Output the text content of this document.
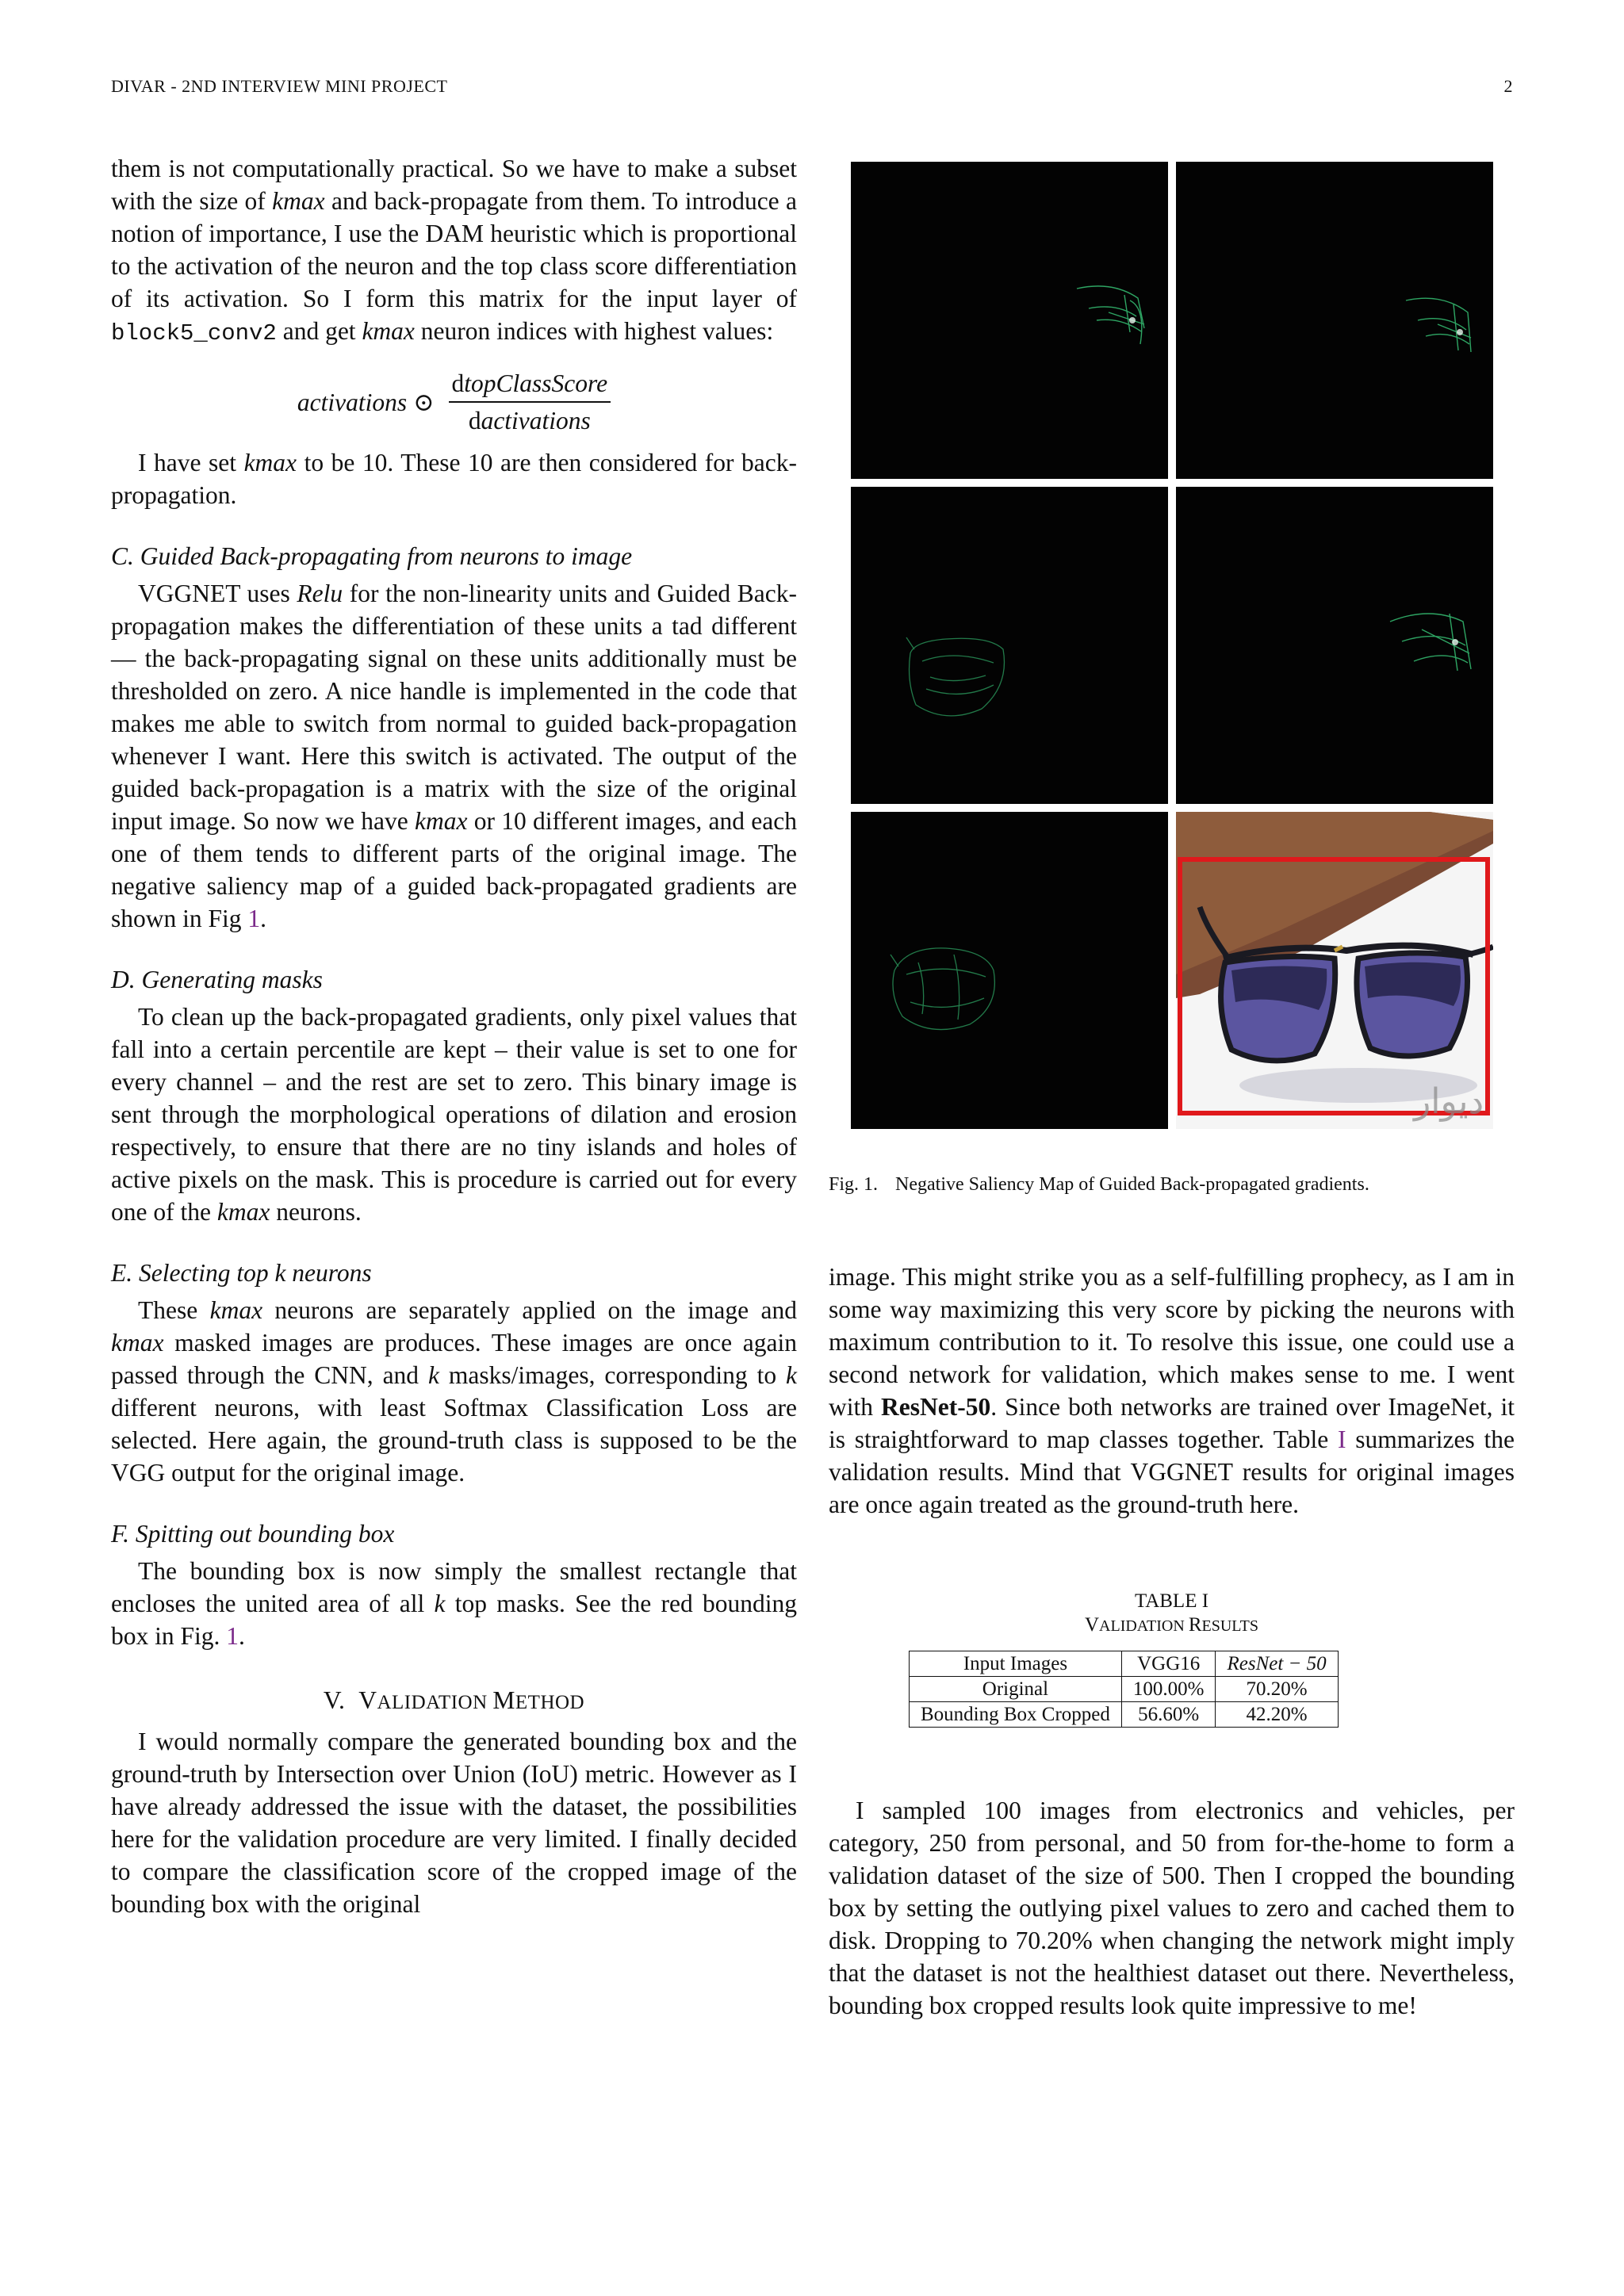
DIVAR - 2ND INTERVIEW MINI PROJECT	2

them is not computationally practical. So we have to make a subset with the size of kmax and back-propagate from them. To introduce a notion of importance, I use the DAM heuristic which is proportional to the activation of the neuron and the top class score differentiation of its activation. So I form this matrix for the input layer of block5_conv2 and get kmax neuron indices with highest values:

activations ⊙ $\frac{\text{dtopClassScore}}{\text{dactivations}}$

I have set kmax to be 10. These 10 are then considered for back-propagation.

C. Guided Back-propagating from neurons to image

VGGNET uses Relu for the non-linearity units and Guided Back-propagation makes the differentiation of these units a tad different — the back-propagating signal on these units additionally must be thresholded on zero. A nice handle is implemented in the code that makes me able to switch from normal to guided back-propagation whenever I want. Here this switch is activated. The output of the guided back-propagation is a matrix with the size of the original input image. So now we have kmax or 10 different images, and each one of them tends to different parts of the original image. The negative saliency map of a guided back-propagated gradients are shown in Fig 1.

D. Generating masks

To clean up the back-propagated gradients, only pixel values that fall into a certain percentile are kept – their value is set to one for every channel – and the rest are set to zero. This binary image is sent through the morphological operations of dilation and erosion respectively, to ensure that there are no tiny islands and holes of active pixels on the mask. This is procedure is carried out for every one of the kmax neurons.

E. Selecting top k neurons

These kmax neurons are separately applied on the image and kmax masked images are produces. These images are once again passed through the CNN, and k masks/images, corresponding to k different neurons, with least Softmax Classification Loss are selected. Here again, the ground-truth class is supposed to be the VGG output for the original image.

F. Spitting out bounding box

The bounding box is now simply the smallest rectangle that encloses the united area of all k top masks. See the red bounding box in Fig. 1.

V. VALIDATION METHOD

I would normally compare the generated bounding box and the ground-truth by Intersection over Union (IoU) metric. However as I have already addressed the issue with the dataset, the possibilities here for the validation procedure are very limited. I finally decided to compare the classification score of the cropped image of the bounding box with the original

دیوار
Fig. 1. Negative Saliency Map of Guided Back-propagated gradients.

image. This might strike you as a self-fulfilling prophecy, as I am in some way maximizing this very score by picking the neurons with maximum contribution to it. To resolve this issue, one could use a second network for validation, which makes sense to me. I went with ResNet-50. Since both networks are trained over ImageNet, it is straightforward to map classes together. Table I summarizes the validation results. Mind that VGGNET results for original images are once again treated as the ground-truth here.

I sampled 100 images from electronics and vehicles, per category, 250 from personal, and 50 from for-the-home to form a validation dataset of the size of 500. Then I cropped the bounding box by setting the outlying pixel values to zero and cached them to disk. Dropping to 70.20% when changing the network might imply that the dataset is not the healthiest dataset out there. Nevertheless, bounding box cropped results look quite impressive to me!

TABLE I
VALIDATION RESULTS
Input Images	VGG16	ResNet − 50
Original	100.00%	70.20%
Bounding Box Cropped	56.60%	42.20%
